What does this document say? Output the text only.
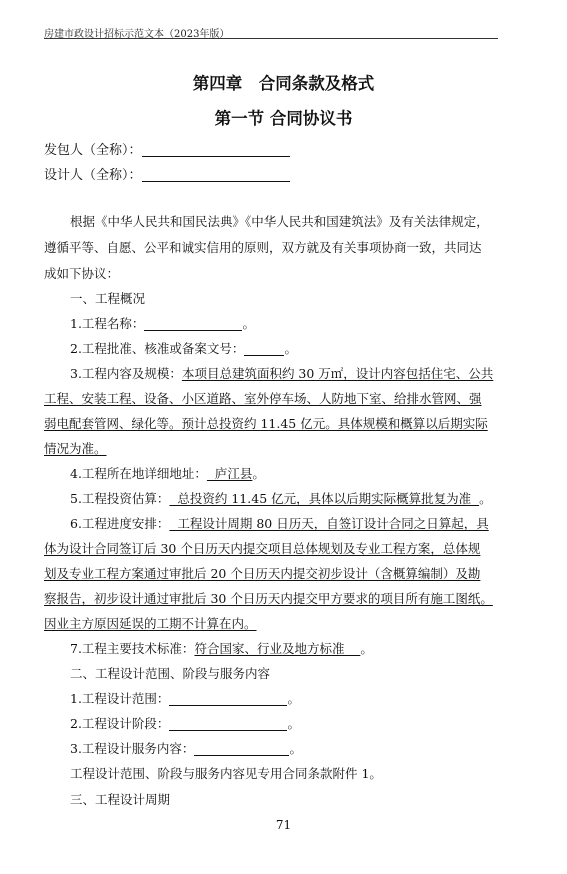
房建市政设计招标示范文本（2023年版）
第四章　合同条款及格式
第一节 合同协议书
发包人（全称）：
设计人（全称）：
根据《中华人民共和国民法典》《中华人民共和国建筑法》及有关法律规定，
遵循平等、自愿、公平和诚实信用的原则，双方就及有关事项协商一致，共同达
成如下协议：
一、工程概况
1.工程名称：	。
2.工程批准、核准或备案文号：	。
3.工程内容及规模：本项目总建筑面积约 30 万㎡，设计内容包括住宅、公共
工程、安装工程、设备、小区道路、室外停车场、人防地下室、给排水管网、强
弱电配套管网、绿化等。预计总投资约 11.45 亿元。具体规模和概算以后期实际
情况为准。
4.工程所在地详细地址：  庐江县。
5.工程投资估算：  总投资约 11.45 亿元，具体以后期实际概算批复为准  。
6.工程进度安排：  工程设计周期 80 日历天，自签订设计合同之日算起，具
体为设计合同签订后 30 个日历天内提交项目总体规划及专业工程方案，总体规
划及专业工程方案通过审批后 20 个日历天内提交初步设计（含概算编制）及勘
察报告，初步设计通过审批后 30 个日历天内提交甲方要求的项目所有施工图纸。
因业主方原因延误的工期不计算在内。
7.工程主要技术标准：符合国家、行业及地方标准    。
二、工程设计范围、阶段与服务内容
1.工程设计范围：	。
2.工程设计阶段：	。
3.工程设计服务内容：	。
工程设计范围、阶段与服务内容见专用合同条款附件 1。
三、工程设计周期
71
